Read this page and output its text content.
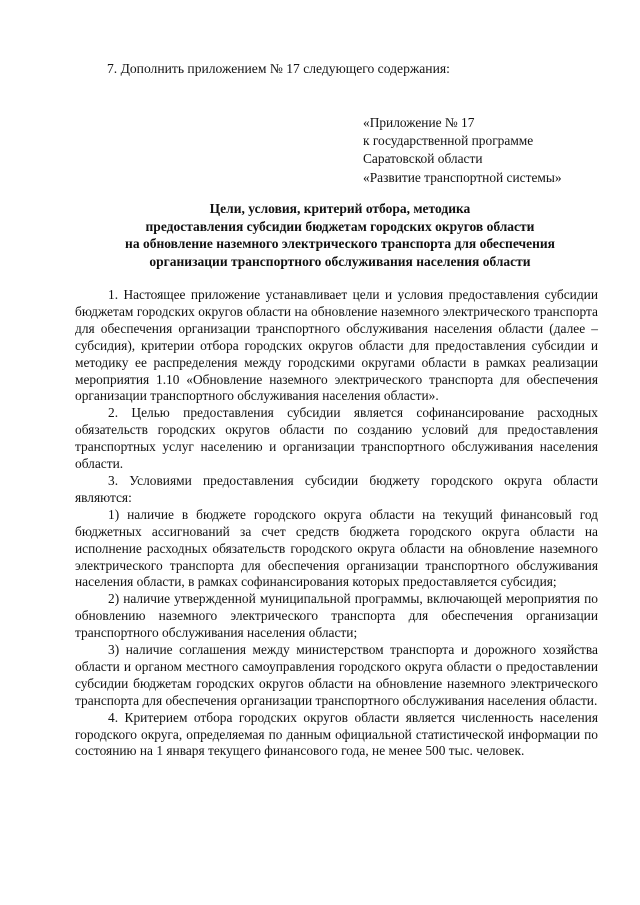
7. Дополнить приложением № 17 следующего содержания:
«Приложение № 17
к государственной программе
Саратовской области
«Развитие транспортной системы»
Цели, условия, критерий отбора, методика
предоставления субсидии бюджетам городских округов области
на обновление наземного электрического транспорта для обеспечения
организации транспортного обслуживания населения области

1. Настоящее приложение устанавливает цели и условия предоставления субсидии бюджетам городских округов области на обновление наземного электрического транспорта для обеспечения организации транспортного обслуживания населения области (далее – субсидия), критерии отбора городских округов области для предоставления субсидии и методику ее распределения между городскими округами области в рамках реализации мероприятия 1.10 «Обновление наземного электрического транспорта для обеспечения организации транспортного обслуживания населения области».

2. Целью предоставления субсидии является софинансирование расходных обязательств городских округов области по созданию условий для предоставления транспортных услуг населению и организации транспортного обслуживания населения области.

3. Условиями предоставления субсидии бюджету городского округа области являются:

1) наличие в бюджете городского округа области на текущий финансовый год бюджетных ассигнований за счет средств бюджета городского округа области на исполнение расходных обязательств городского округа области на обновление наземного электрического транспорта для обеспечения организации транспортного обслуживания населения области, в рамках софинансирования которых предоставляется субсидия;

2) наличие утвержденной муниципальной программы, включающей мероприятия по обновлению наземного электрического транспорта для обеспечения организации транспортного обслуживания населения области;

3) наличие соглашения между министерством транспорта и дорожного хозяйства области и органом местного самоуправления городского округа области о предоставлении субсидии бюджетам городских округов области на обновление наземного электрического транспорта для обеспечения организации транспортного обслуживания населения области.

4. Критерием отбора городских округов области является численность населения городского округа, определяемая по данным официальной статистической информации по состоянию на 1 января текущего финансового года, не менее 500 тыс. человек.
